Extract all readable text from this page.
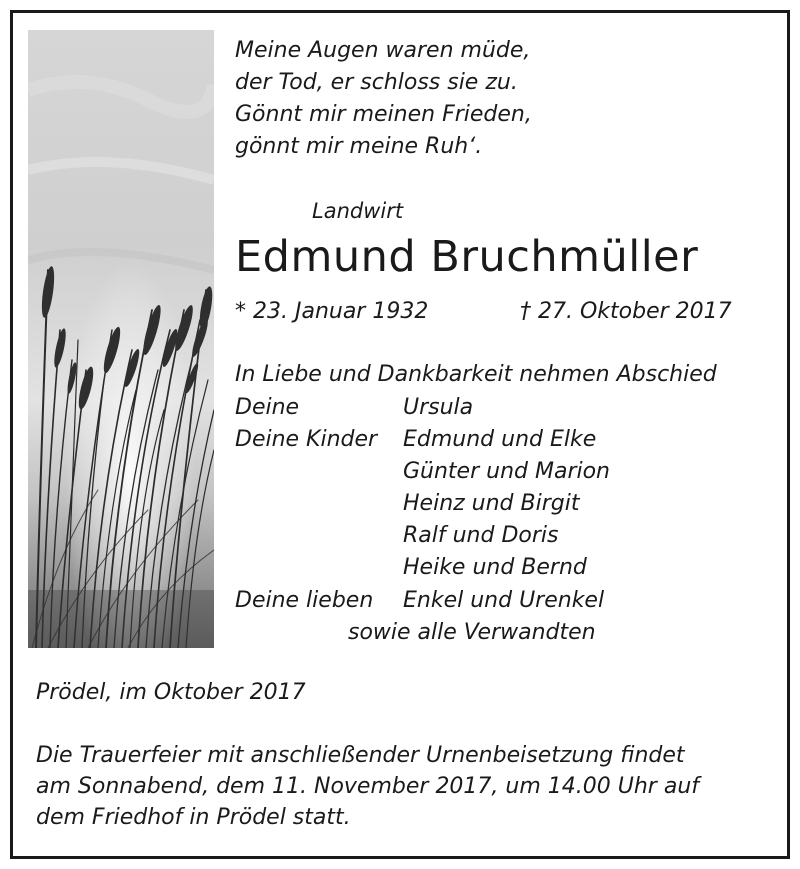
Meine Augen waren müde,
der Tod, er schloss sie zu.
Gönnt mir meinen Frieden,
gönnt mir meine Ruh‘.
Landwirt
Edmund Bruchmüller
* 23. Januar 1932	† 27. Oktober 2017
In Liebe und Dankbarkeit nehmen Abschied
Deine	Ursula
Deine Kinder Edmund und Elke
Günter und Marion
Heinz und Birgit
Ralf und Doris
Heike und Bernd
Deine lieben Enkel und Urenkel
sowie alle Verwandten
Prödel, im Oktober 2017
Die Trauerfeier mit anschließender Urnenbeisetzung findet
am Sonnabend, dem 11. November 2017, um 14.00 Uhr auf
dem Friedhof in Prödel statt.
